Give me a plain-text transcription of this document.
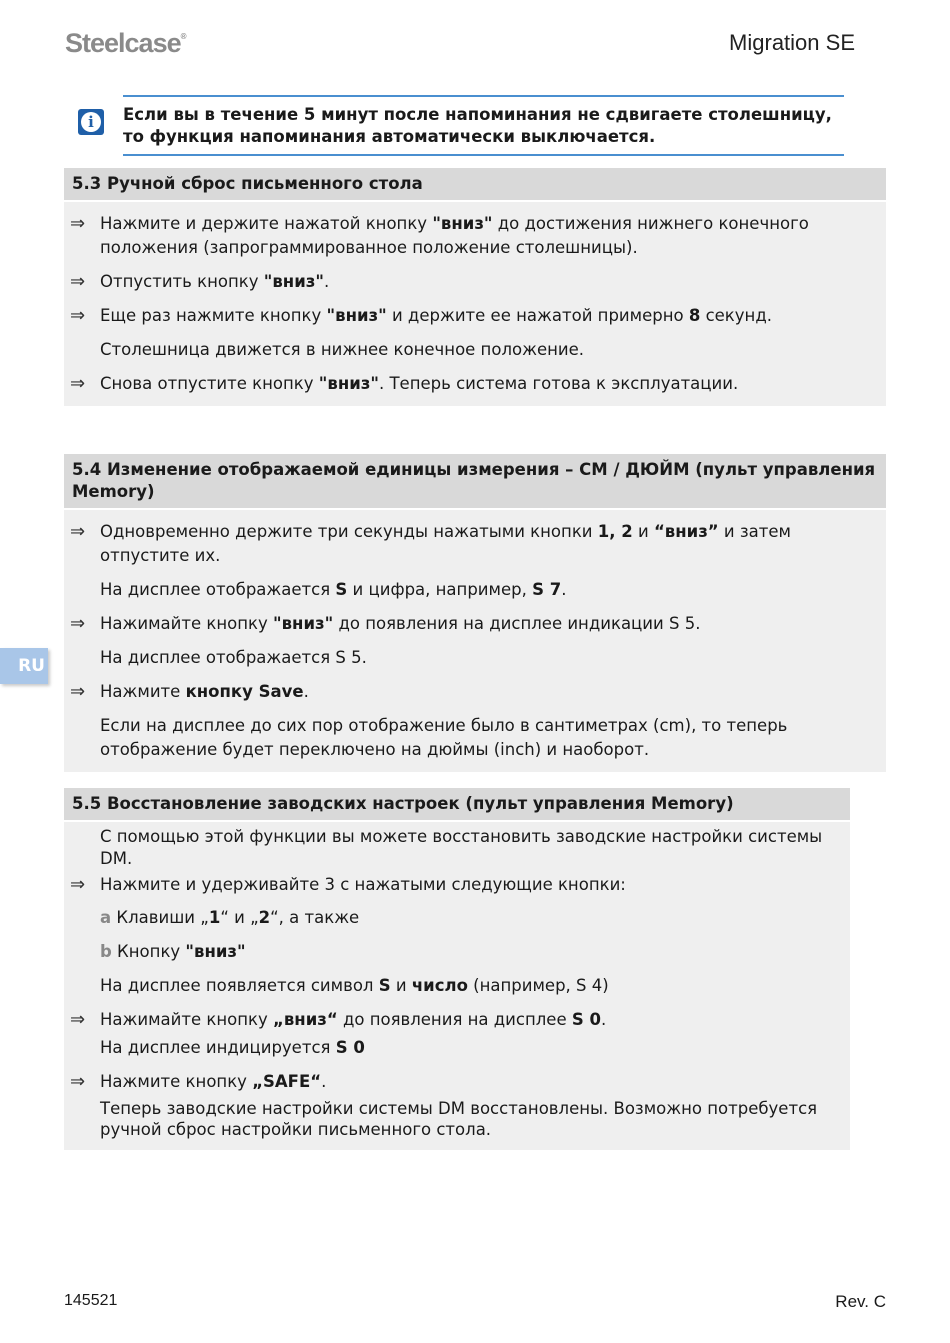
Steelcase®	Migration SE
i	Если вы в течение 5 минут после напоминания не сдвигаете столешницу, то функция напоминания автоматически выключается.
5.3 Ручной сброс письменного стола
⇒ Нажмите и держите нажатой кнопку "вниз" до достижения нижнего конечного положения (запрограммированное положение столешницы).
⇒ Отпустить кнопку "вниз".
⇒ Еще раз нажмите кнопку "вниз" и держите ее нажатой примерно 8 секунд.
Столешница движется в нижнее конечное положение.
⇒ Снова отпустите кнопку "вниз". Теперь система готова к эксплуатации.
5.4 Изменение отображаемой единицы измерения – СМ / ДЮЙМ (пульт управления Memory)
⇒ Одновременно держите три секунды нажатыми кнопки 1, 2 и “вниз” и затем отпустите их.
На дисплее отображается S и цифра, например, S 7.
⇒ Нажимайте кнопку "вниз" до появления на дисплее индикации S 5.
На дисплее отображается S 5.
⇒ Нажмите кнопку Save.
Если на дисплее до сих пор отображение было в сантиметрах (cm), то теперь отображение будет переключено на дюймы (inch) и наоборот.
5.5 Восстановление заводских настроек (пульт управления Memory)
С помощью этой функции вы можете восстановить заводские настройки системы DM.
⇒ Нажмите и удерживайте 3 с нажатыми следующие кнопки:
a Клавиши „1“ и „2“, а также
b Кнопку "вниз"
На дисплее появляется символ S и число (например, S 4)
⇒ Нажимайте кнопку „вниз“ до появления на дисплее S 0.
На дисплее индицируется S 0
⇒ Нажмите кнопку „SAFE“.
Теперь заводские настройки системы DM восстановлены. Возможно потребуется ручной сброс настройки письменного стола.
RU
145521	Rev. C
